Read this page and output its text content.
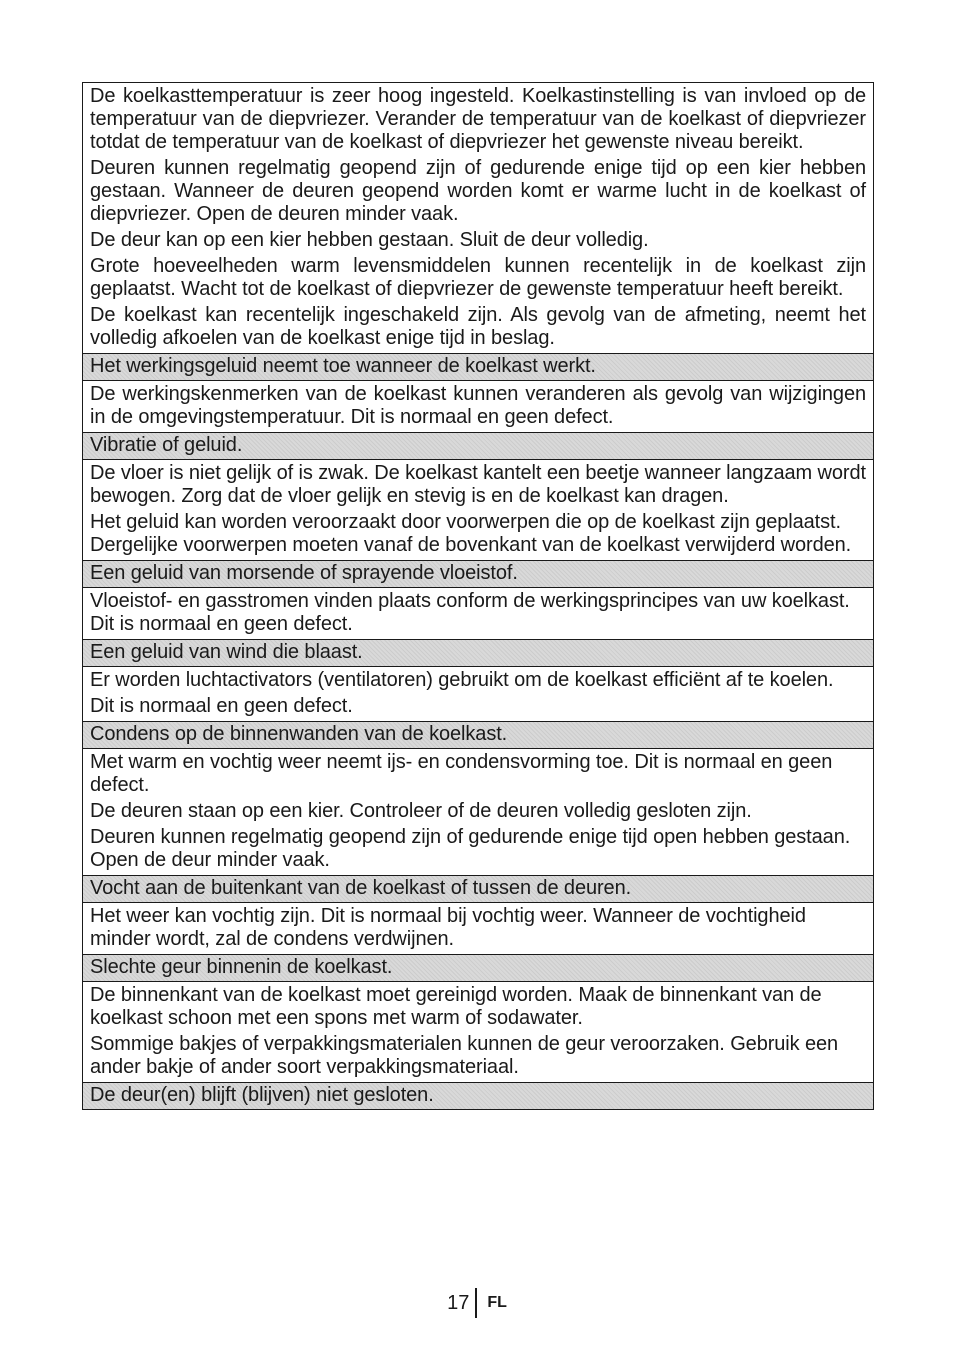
De koelkasttemperatuur is zeer hoog ingesteld. Koelkastinstelling is van invloed op de temperatuur van de diepvriezer. Verander de temperatuur van de koelkast of diepvriezer totdat de temperatuur van de koelkast of diepvriezer het gewenste niveau bereikt.

Deuren kunnen regelmatig geopend zijn of gedurende enige tijd op een kier hebben gestaan. Wanneer de deuren geopend worden komt er warme lucht in de koelkast of diepvriezer. Open de deuren minder vaak.

De deur kan op een kier hebben gestaan. Sluit de deur volledig.

Grote hoeveelheden warm levensmiddelen kunnen recentelijk in de koelkast zijn geplaatst. Wacht tot de koelkast of diepvriezer de gewenste temperatuur heeft bereikt.

De koelkast kan recentelijk ingeschakeld zijn. Als gevolg van de afmeting, neemt het volledig afkoelen van de koelkast enige tijd in beslag.

Het werkingsgeluid neemt toe wanneer de koelkast werkt.

De werkingskenmerken van de koelkast kunnen veranderen als gevolg van wijzigingen in de omgevingstemperatuur. Dit is normaal en geen defect.

Vibratie of geluid.

De vloer is niet gelijk of is zwak. De koelkast kantelt een beetje wanneer langzaam wordt bewogen. Zorg dat de vloer gelijk en stevig is en de koelkast kan dragen.

Het geluid kan worden veroorzaakt door voorwerpen die op de koelkast zijn geplaatst. Dergelijke voorwerpen moeten vanaf de bovenkant van de koelkast verwijderd worden.

Een geluid van morsende of sprayende vloeistof.

Vloeistof- en gasstromen vinden plaats conform de werkingsprincipes van uw koelkast. Dit is normaal en geen defect.

Een geluid van wind die blaast.

Er worden luchtactivators (ventilatoren) gebruikt om de koelkast efficiënt af te koelen.

Dit is normaal en geen defect.

Condens op de binnenwanden van de koelkast.

Met warm en vochtig weer neemt ijs- en condensvorming toe. Dit is normaal en geen defect.

De deuren staan op een kier. Controleer of de deuren volledig gesloten zijn.

Deuren kunnen regelmatig geopend zijn of gedurende enige tijd open hebben gestaan. Open de deur minder vaak.

Vocht aan de buitenkant van de koelkast of tussen de deuren.

Het weer kan vochtig zijn. Dit is normaal bij vochtig weer. Wanneer de vochtigheid minder wordt, zal de condens verdwijnen.

Slechte geur binnenin de koelkast.

De binnenkant van de koelkast moet gereinigd worden. Maak de binnenkant van de koelkast schoon met een spons met warm of sodawater.

Sommige bakjes of verpakkingsmaterialen kunnen de geur veroorzaken. Gebruik een ander bakje of ander soort verpakkingsmateriaal.

De deur(en) blijft (blijven) niet gesloten.
17 FL
